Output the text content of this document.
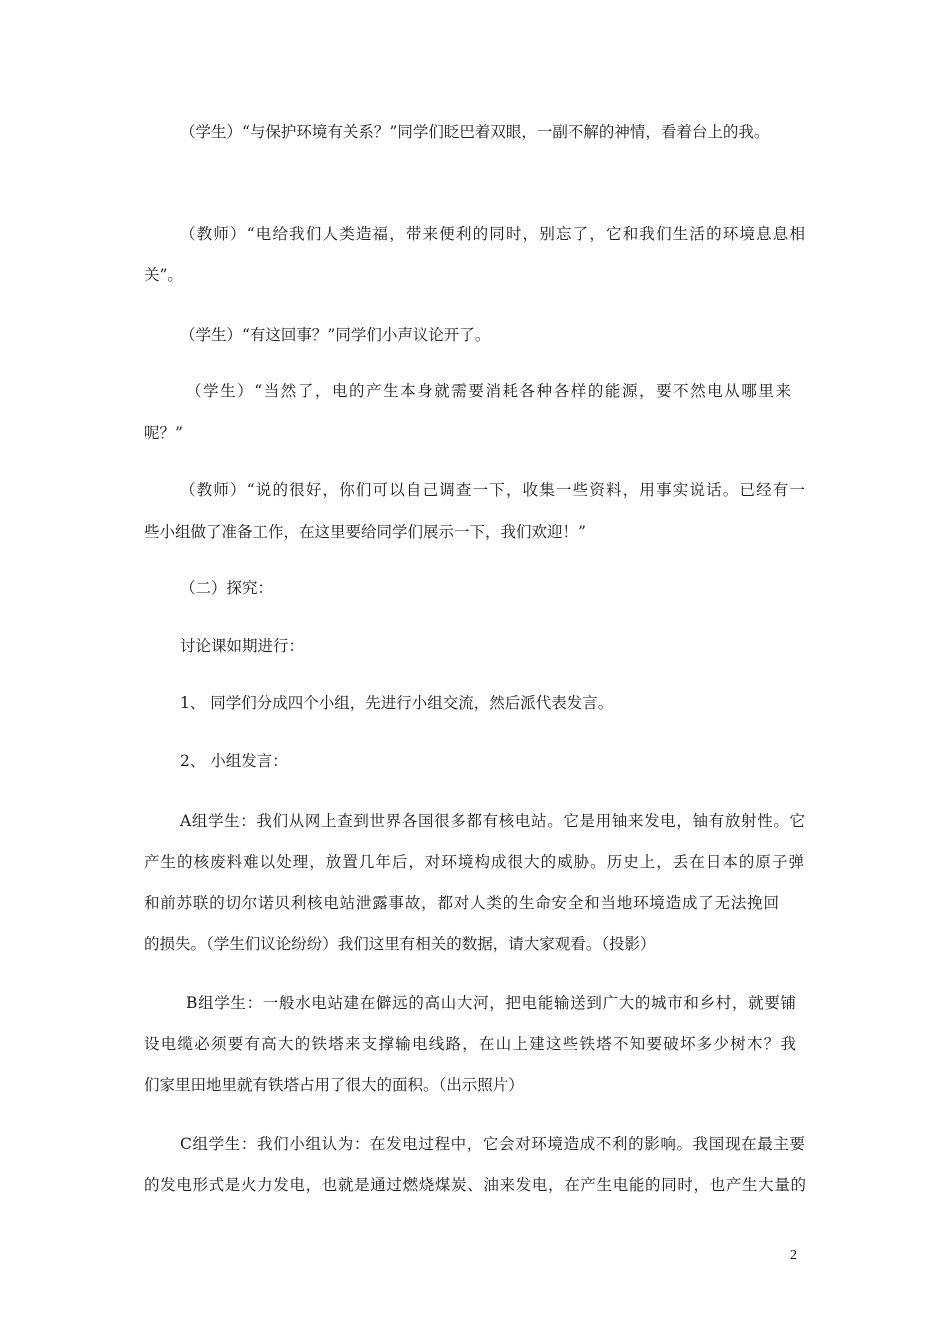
（学生）“与保护环境有关系？”同学们眨巴着双眼，一副不解的神情，看着台上的我。

（教师）“电给我们人类造福，带来便利的同时，别忘了，它和我们生活的环境息息相

关”。

（学生）“有这回事？”同学们小声议论开了。

（学生）“当然了，电的产生本身就需要消耗各种各样的能源，要不然电从哪里来

呢？”

（教师）“说的很好，你们可以自己调查一下，收集一些资料，用事实说话。已经有一

些小组做了准备工作，在这里要给同学们展示一下，我们欢迎！”

（二）探究：

讨论课如期进行：

1、 同学们分成四个小组，先进行小组交流，然后派代表发言。

2、 小组发言：

A组学生：我们从网上查到世界各国很多都有核电站。它是用铀来发电，铀有放射性。它

产生的核废料难以处理，放置几年后，对环境构成很大的威胁。历史上，丢在日本的原子弹

和前苏联的切尔诺贝利核电站泄露事故，都对人类的生命安全和当地环境造成了无法挽回

的损失。（学生们议论纷纷）我们这里有相关的数据，请大家观看。（投影）

B组学生：一般水电站建在僻远的高山大河，把电能输送到广大的城市和乡村，就要铺

设电缆必须要有高大的铁塔来支撑输电线路，在山上建这些铁塔不知要破坏多少树木？我

们家里田地里就有铁塔占用了很大的面积。（出示照片）

C组学生：我们小组认为：在发电过程中，它会对环境造成不利的影响。我国现在最主要

的发电形式是火力发电，也就是通过燃烧煤炭、油来发电，在产生电能的同时，也产生大量的

2
